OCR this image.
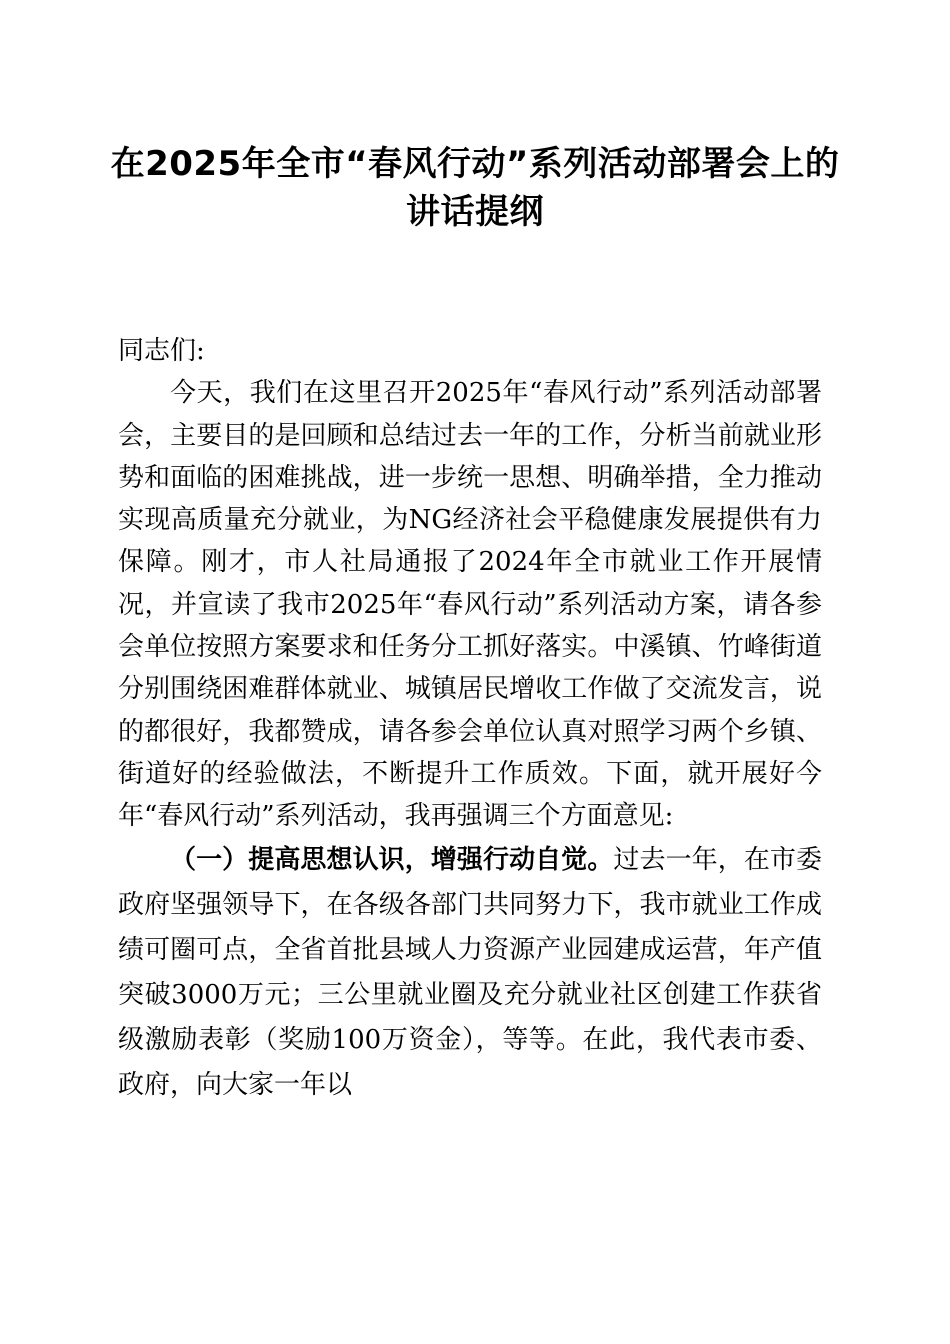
在2025年全市“春风行动”系列活动部署会上的讲话提纲

同志们:

今天，我们在这里召开2025年“春风行动”系列活动部署会，主要目的是回顾和总结过去一年的工作，分析当前就业形势和面临的困难挑战，进一步统一思想、明确举措，全力推动实现高质量充分就业，为NG经济社会平稳健康发展提供有力保障。刚才，市人社局通报了2024年全市就业工作开展情况，并宣读了我市2025年“春风行动”系列活动方案，请各参会单位按照方案要求和任务分工抓好落实。中溪镇、竹峰街道分别围绕困难群体就业、城镇居民增收工作做了交流发言，说的都很好，我都赞成，请各参会单位认真对照学习两个乡镇、街道好的经验做法，不断提升工作质效。下面，就开展好今年“春风行动”系列活动，我再强调三个方面意见:

（一）提高思想认识，增强行动自觉。过去一年，在市委政府坚强领导下，在各级各部门共同努力下，我市就业工作成绩可圈可点，全省首批县域人力资源产业园建成运营，年产值突破3000万元；三公里就业圈及充分就业社区创建工作获省级激励表彰（奖励100万资金），等等。在此，我代表市委、政府，向大家一年以
